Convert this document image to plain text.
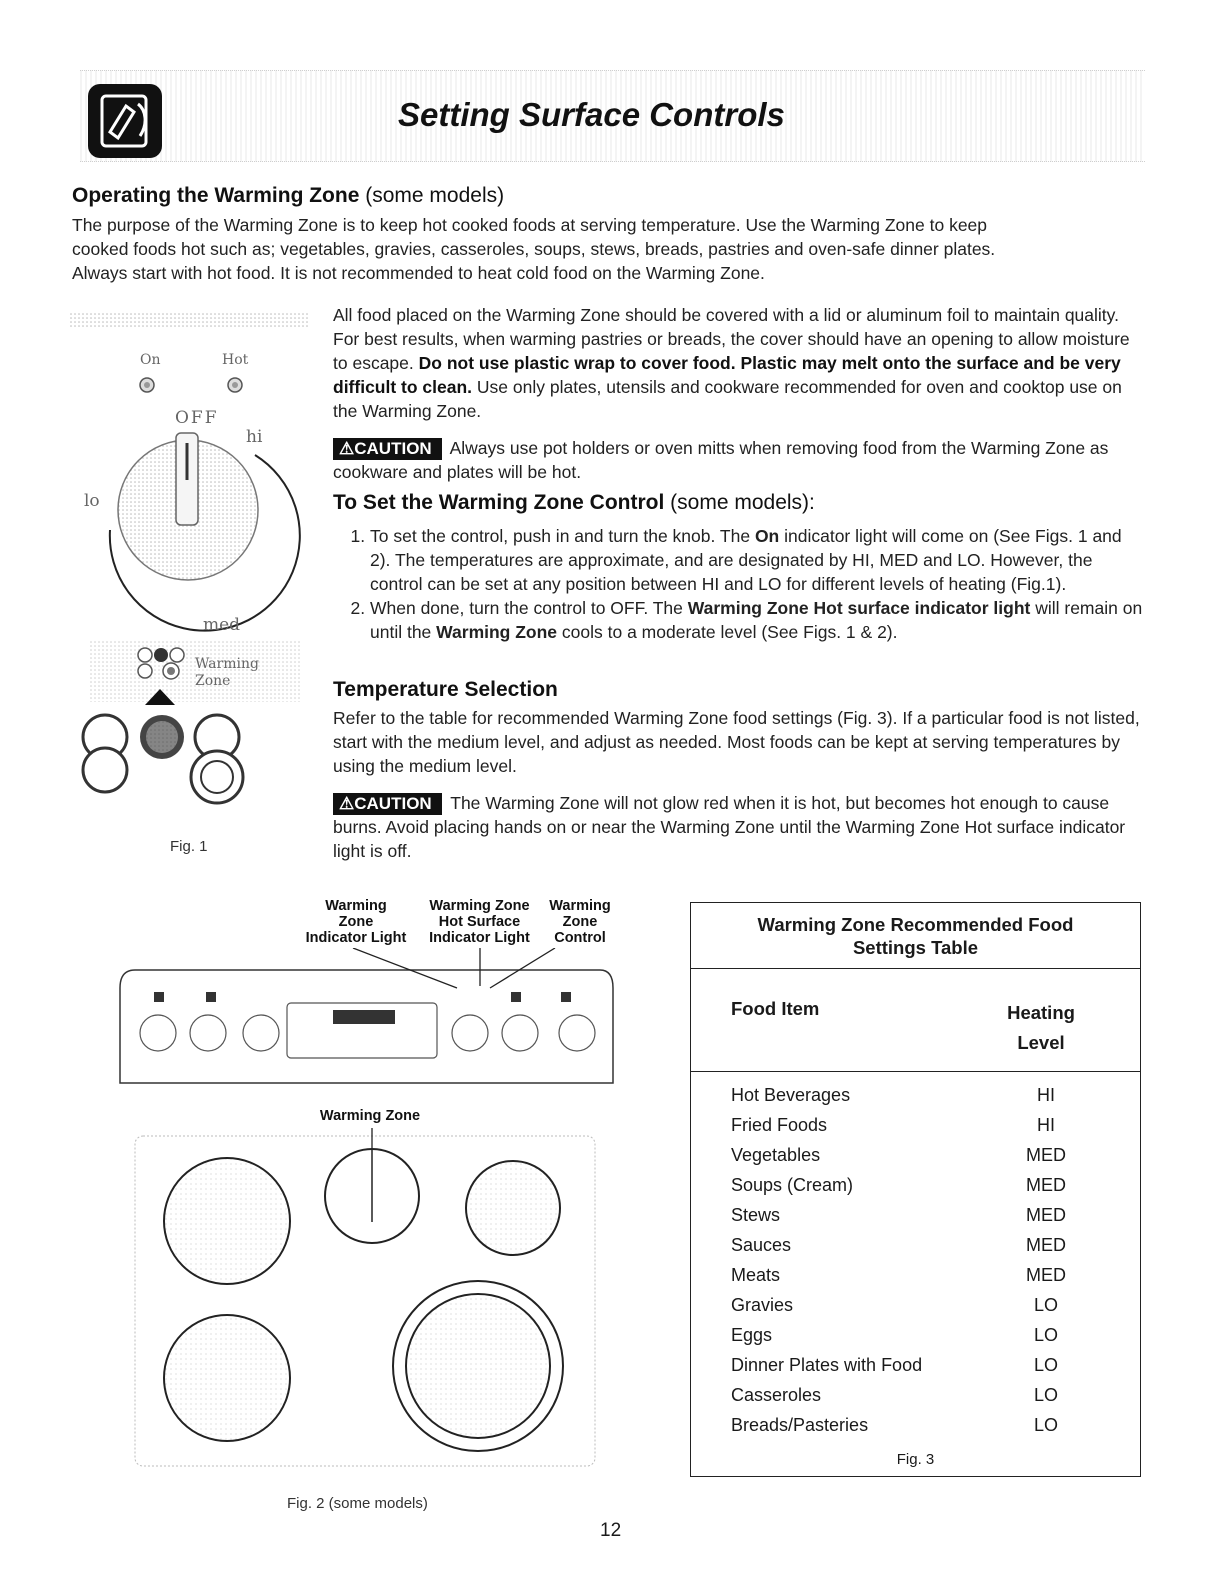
Setting Surface Controls
Operating the Warming Zone (some models)
The purpose of the Warming Zone is to keep hot cooked foods at serving temperature. Use the Warming Zone to keep
cooked foods hot such as; vegetables, gravies, casseroles, soups, stews, breads, pastries and oven-safe dinner plates.
Always start with hot food. It is not recommended to heat cold food on the Warming Zone.
All food placed on the Warming Zone should be covered with a lid or aluminum foil to maintain quality. For best results, when warming pastries or breads, the cover should have an opening to allow moisture to escape. Do not use plastic wrap to cover food. Plastic may melt onto the surface and be very difficult to clean. Use only plates, utensils and cookware recommended for oven and cooktop use on the Warming Zone.
⚠CAUTION Always use pot holders or oven mitts when removing food from the Warming Zone as cookware and plates will be hot.
To Set the Warming Zone Control (some models):
1. To set the control, push in and turn the knob. The On indicator light will come on (See Figs. 1 and 2). The temperatures are approximate, and are designated by HI, MED and LO. However, the control can be set at any position between HI and LO for different levels of heating (Fig.1).
2. When done, turn the control to OFF. The Warming Zone Hot surface indicator light will remain on until the Warming Zone cools to a moderate level (See Figs. 1 & 2).
Temperature Selection
Refer to the table for recommended Warming Zone food settings (Fig. 3). If a particular food is not listed, start with the medium level, and adjust as needed. Most foods can be kept at serving temperatures by using the medium level.
⚠CAUTION The Warming Zone will not glow red when it is hot, but becomes hot enough to cause burns. Avoid placing hands on or near the Warming Zone until the Warming Zone Hot surface indicator light is off.
On	Hot
OFF
hi
lo
med
Warming
Zone
Fig. 1
Warming
Zone
Indicator Light
Warming Zone
Hot Surface
Indicator Light
Warming
Zone
Control
Warming Zone
Fig. 2 (some models)
Warming Zone Recommended Food
Settings Table
Food Item	Heating
Level
Hot Beverages	HI
Fried Foods	HI
Vegetables	MED
Soups (Cream)	MED
Stews	MED
Sauces	MED
Meats	MED
Gravies	LO
Eggs	LO
Dinner Plates with Food	LO
Casseroles	LO
Breads/Pasteries	LO
Fig. 3
12
